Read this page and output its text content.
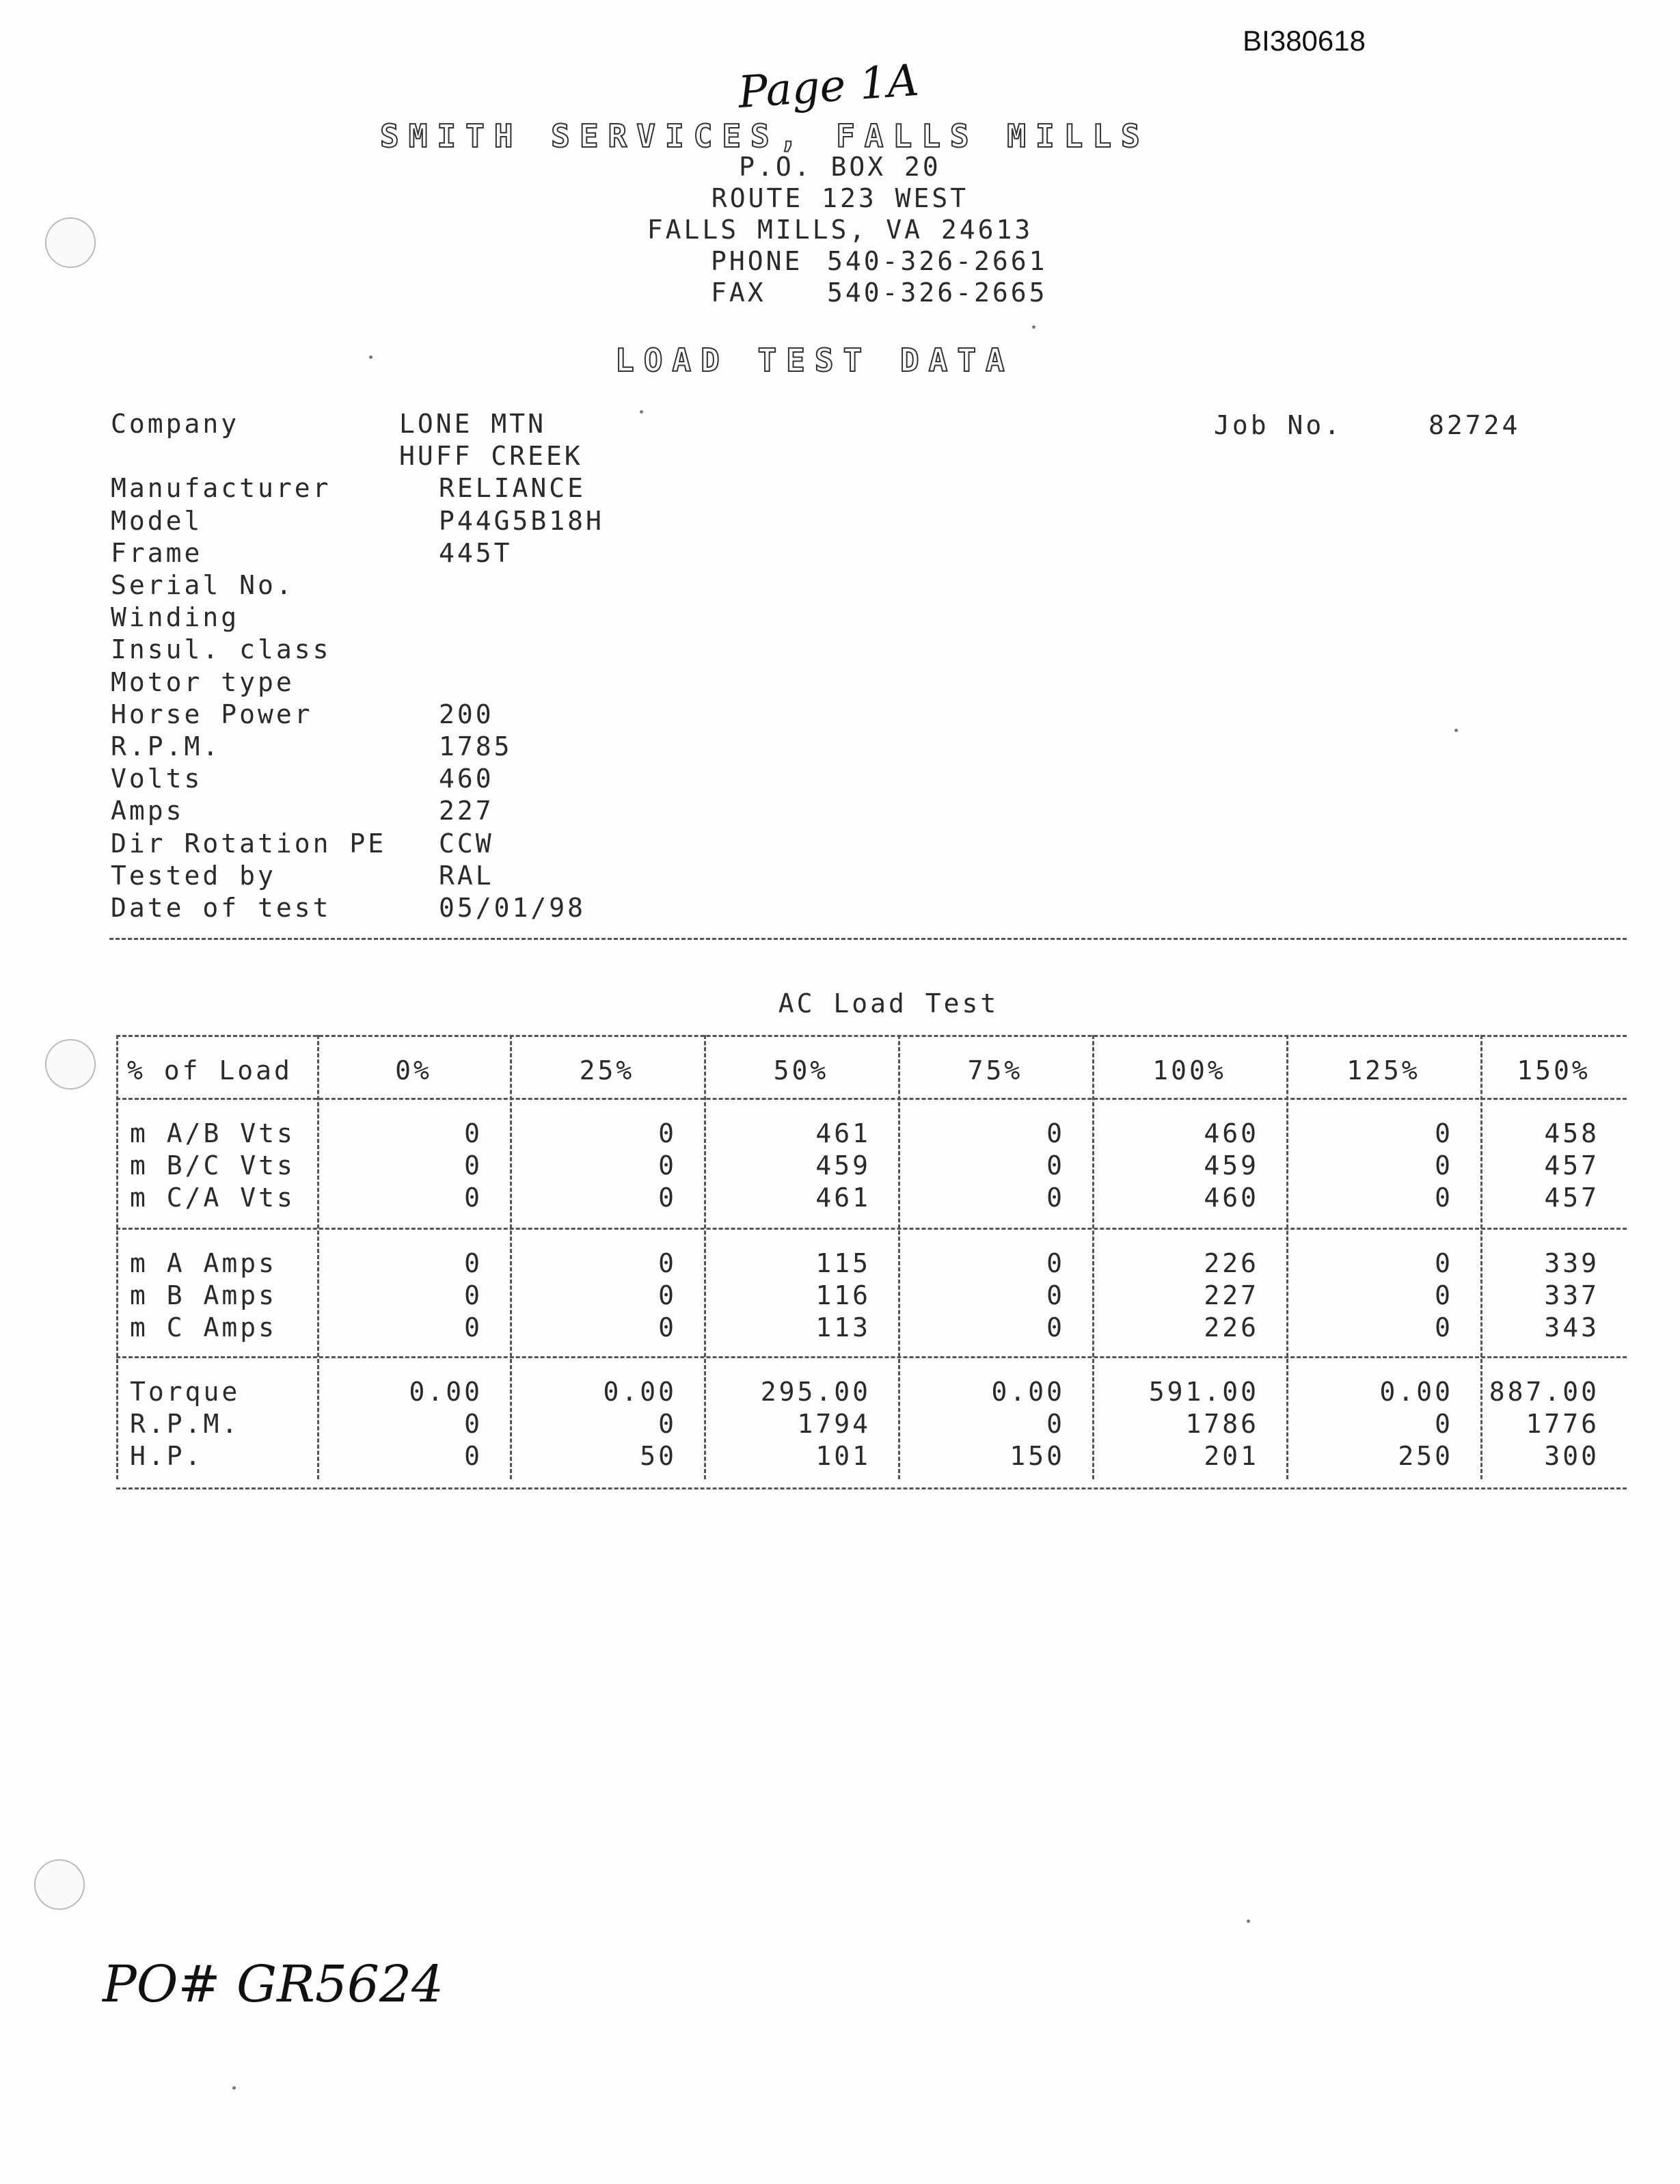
BI380618
Page 1A
SMITH SERVICES, FALLS MILLS
P.O. BOX 20
ROUTE 123 WEST
FALLS MILLS, VA 24613
PHONE 540-326-2661
FAX 540-326-2665
LOAD TEST DATA
Job No.	82724
Company	LONE MTN
HUFF CREEK
Manufacturer	RELIANCE
Model	P44G5B18H
Frame	445T
Serial No.
Winding
Insul. class
Motor type
Horse Power	200
R.P.M.	1785
Volts	460
Amps	227
Dir Rotation PE CCW
Tested by	RAL
Date of test	05/01/98
AC Load Test
% of Load	0%	25%	50%	75%	100%	125%	150%
m A/B Vts	0	0	461	0	460	0	458
m B/C Vts	0	0	459	0	459	0	457
m C/A Vts	0	0	461	0	460	0	457
m A Amps	0	0	115	0	226	0	339
m B Amps	0	0	116	0	227	0	337
m C Amps	0	0	113	0	226	0	343
Torque	0.00	0.00	295.00	0.00	591.00	0.00	887.00
R.P.M.	0	0	1794	0	1786	0	1776
H.P.	0	50	101	150	201	250	300
PO# GR5624
